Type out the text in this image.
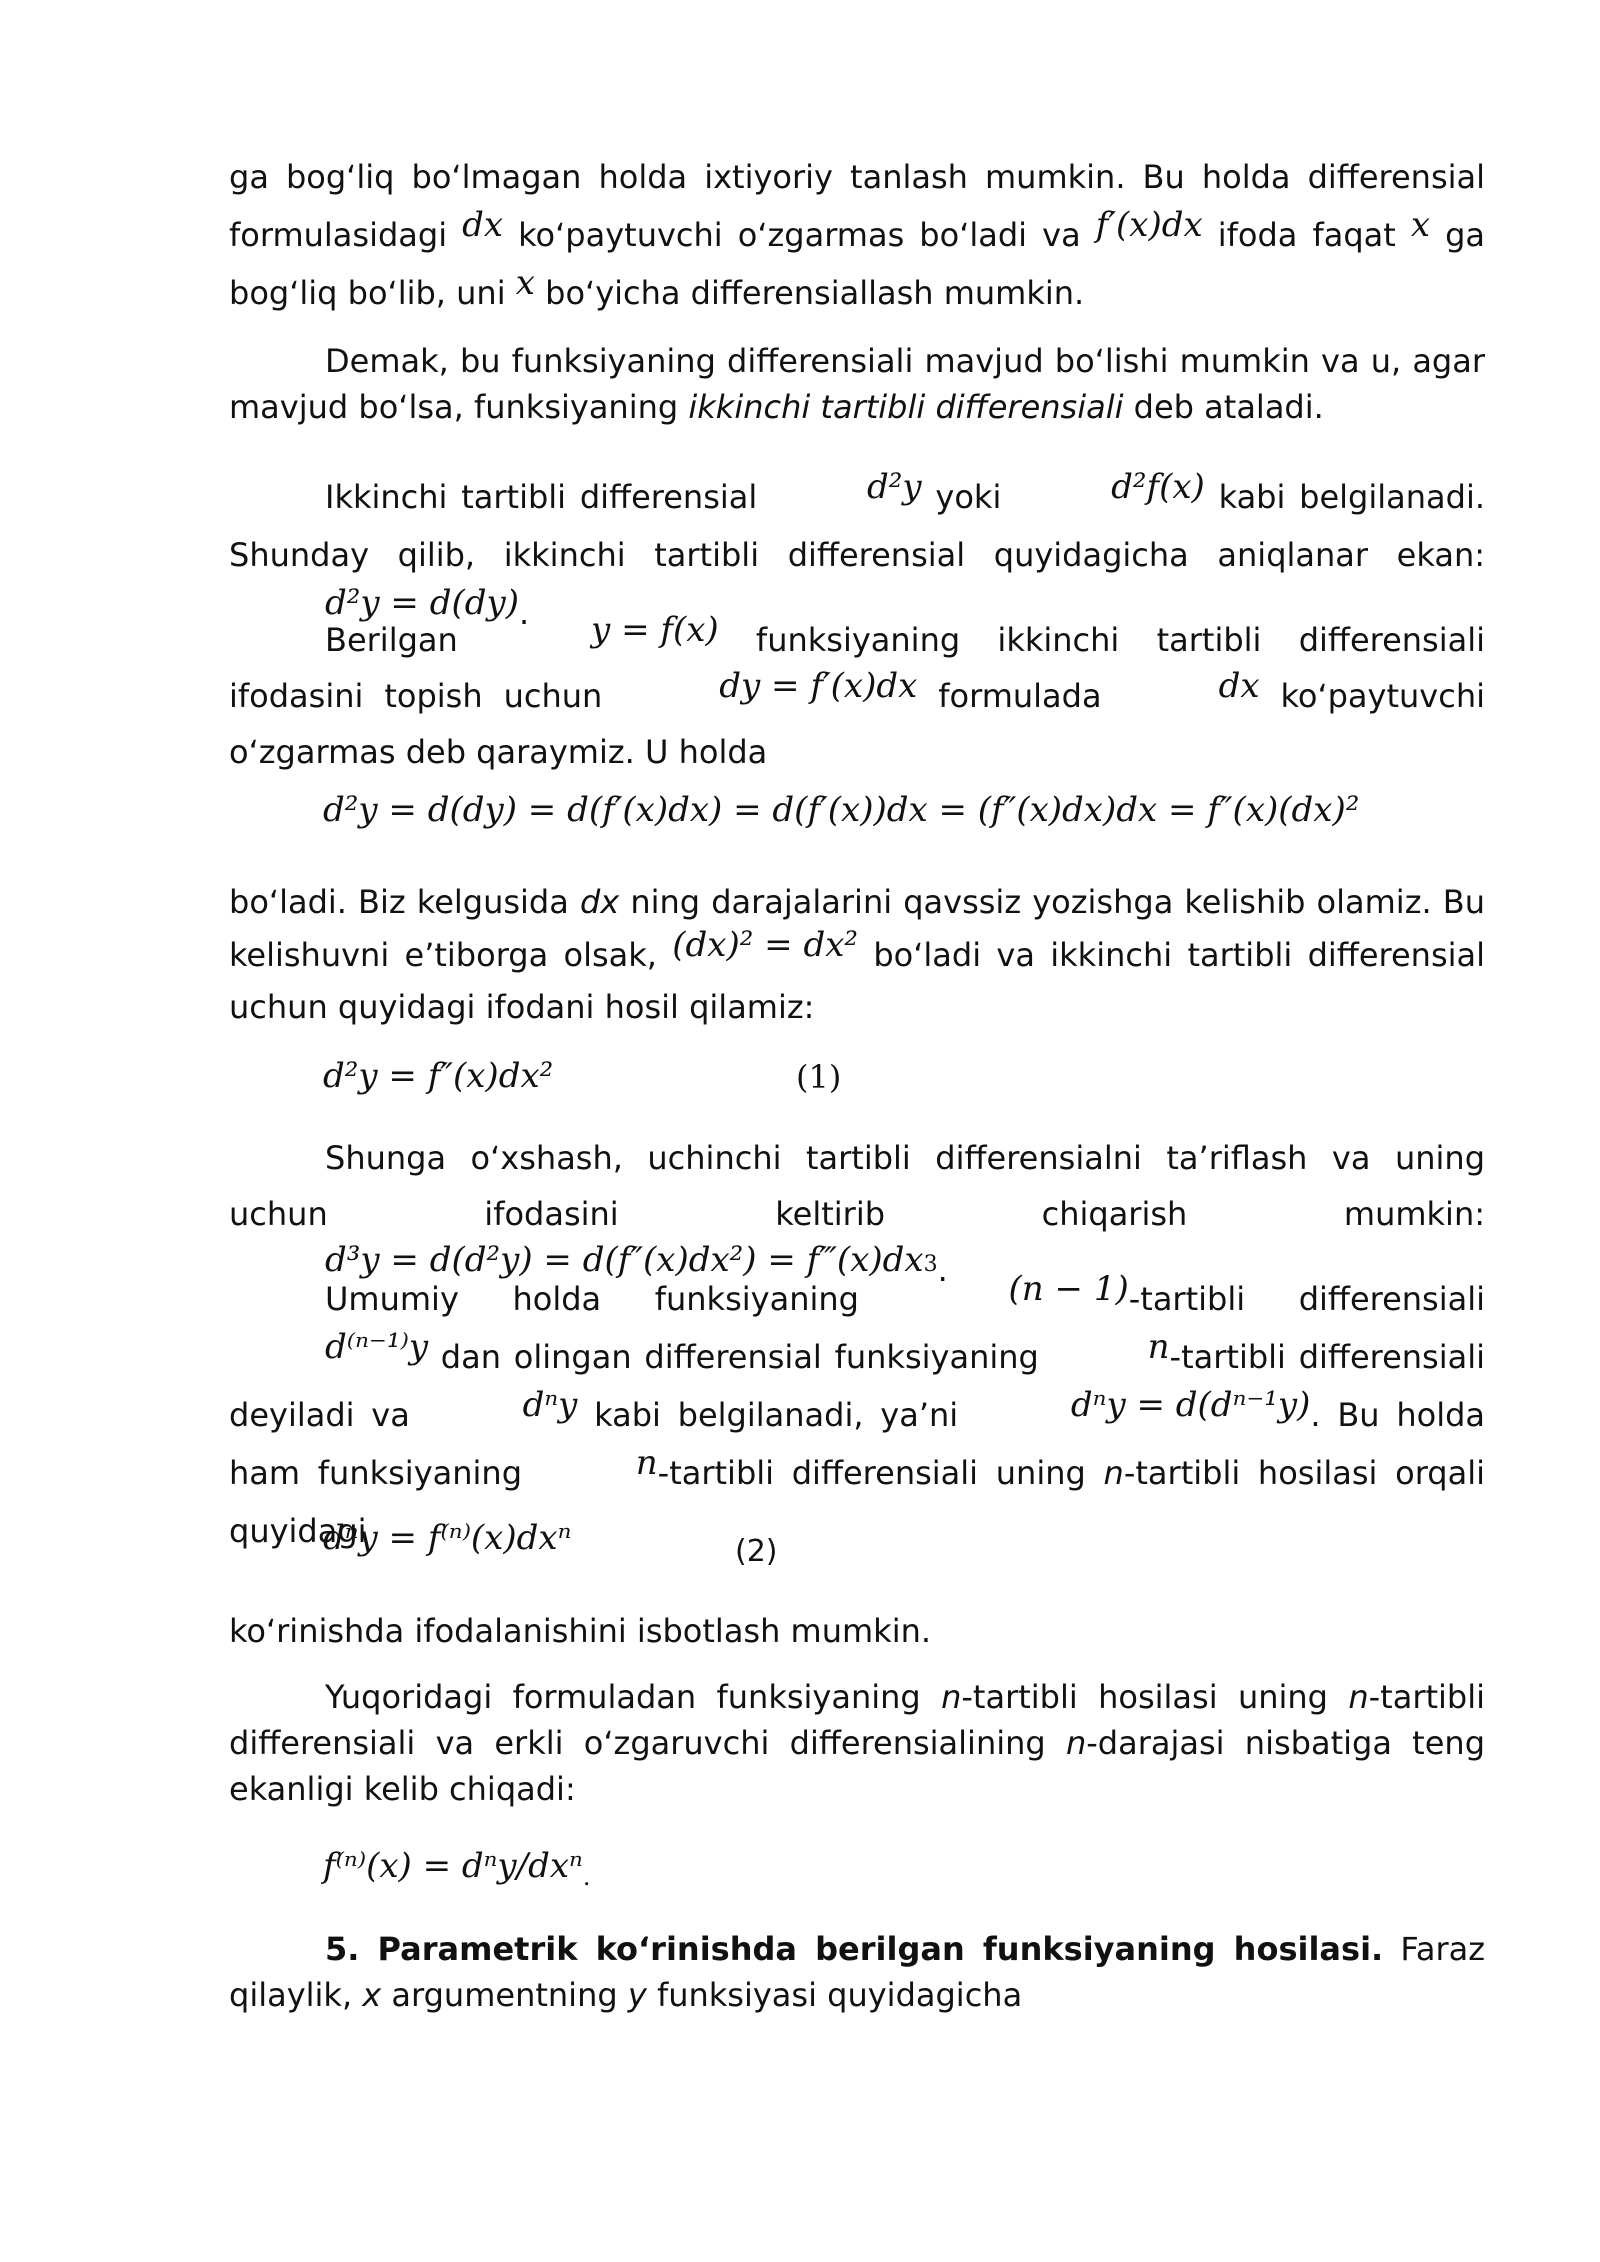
ga bog‘liq bo‘lmagan holda ixtiyoriy tanlash mumkin. Bu holda differensial formulasidagi dx ko‘paytuvchi o‘zgarmas bo‘ladi va f′(x)dx ifoda faqat x ga bog‘liq bo‘lib, uni x bo‘yicha differensiallash mumkin.

Demak, bu funksiyaning differensiali mavjud bo‘lishi mumkin va u, agar mavjud bo‘lsa, funksiyaning ikkinchi tartibli differensiali deb ataladi.

Ikkinchi tartibli differensial	d²y yoki	d²f(x) kabi belgilanadi. Shunday qilib, ikkinchi tartibli differensial quyidagicha aniqlanar ekan: d²y = d(dy).

Berilgan	y = f(x) funksiyaning ikkinchi tartibli differensiali ifodasini topish uchun	dy = f′(x)dx formulada	dx ko‘paytuvchi o‘zgarmas deb qaraymiz. U holda

d²y = d(dy) = d(f′(x)dx) = d(f′(x))dx = (f″(x)dx)dx = f″(x)(dx)²

bo‘ladi. Biz kelgusida dx ning darajalarini qavssiz yozishga kelishib olamiz. Bu kelishuvni e’tiborga olsak, (dx)² = dx² bo‘ladi va ikkinchi tartibli differensial uchun quyidagi ifodani hosil qilamiz:

d²y = f″(x)dx²	(1)

Shunga o‘xshash, uchinchi tartibli differensialni ta’riflash va uning uchun ifodasini keltirib chiqarish mumkin: d³y = d(d²y) = d(f″(x)dx²) = f‴(x)dx3.

Umumiy holda funksiyaning	(n − 1)-tartibli differensiali d⁽ⁿ⁻¹⁾y dan olingan differensial funksiyaning	n-tartibli differensiali deyiladi va	dⁿy kabi belgilanadi, ya’ni	dⁿy = d(dⁿ⁻¹y). Bu holda ham funksiyaning	n-tartibli differensiali uning n-tartibli hosilasi orqali quyidagi

dⁿy = f⁽ⁿ⁾(x)dxⁿ	(2)

ko‘rinishda ifodalanishini isbotlash mumkin.

Yuqoridagi formuladan funksiyaning n-tartibli hosilasi uning n-tartibli differensiali va erkli o‘zgaruvchi differensialining n-darajasi nisbatiga teng ekanligi kelib chiqadi:

f⁽ⁿ⁾(x) = dⁿy/dxⁿ$_.$

5. Parametrik ko‘rinishda berilgan funksiyaning hosilasi. Faraz qilaylik, x argumentning y funksiyasi quyidagicha
